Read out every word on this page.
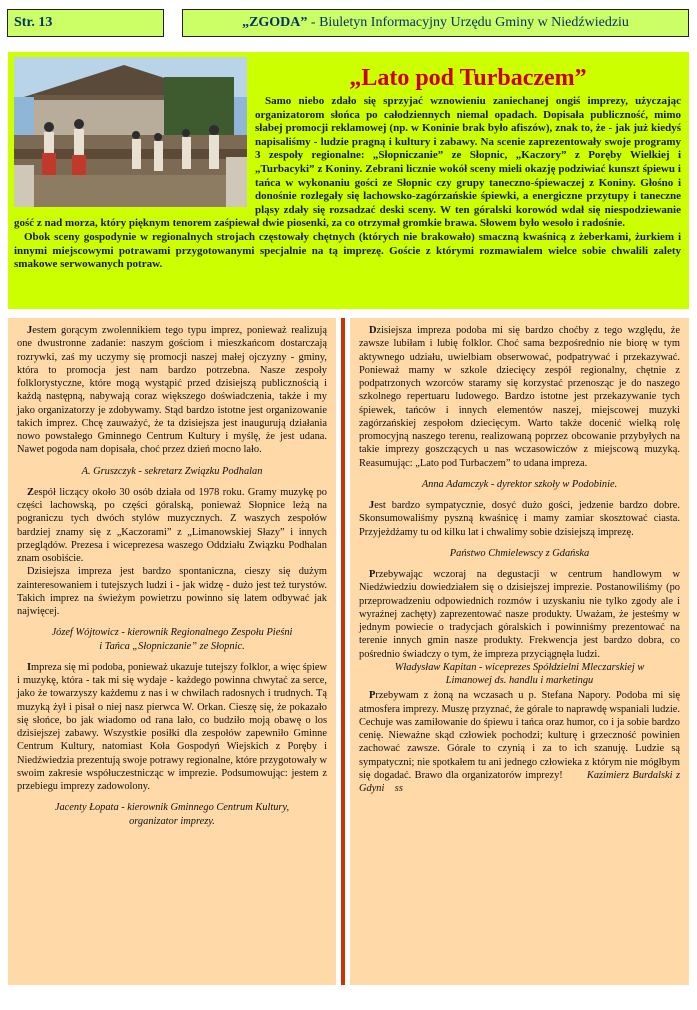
Str. 13	„ZGODA” - Biuletyn Informacyjny Urzędu Gminy w Niedźwiedziu
„Lato pod Turbaczem”

Samo niebo zdało się sprzyjać wznowieniu zaniechanej ongiś imprezy, użyczając organizatorom słońca po całodziennych niemal opadach. Dopisała publiczność, mimo słabej promocji reklamowej (np. w Koninie brak było afiszów), znak to, że - jak już kiedyś napisaliśmy - ludzie pragną i kultury i zabawy. Na scenie zaprezentowały swoje programy 3 zespoły regionalne: „Słopniczanie” ze Słopnic, „Kaczory” z Poręby Wielkiej i „Turbacyki” z Koniny. Zebrani licznie wokół sceny mieli okazję podziwiać kunszt śpiewu i tańca w wykonaniu gości ze Słopnic czy grupy taneczno-śpiewaczej z Koniny. Głośno i donośnie rozlegały się lachowsko-zagórzańskie śpiewki, a energiczne przytupy i taneczne pląsy zdały się rozsadzać deski sceny. W ten góralski korowód wdał się niespodziewanie gość z nad morza, który pięknym tenorem zaśpiewał dwie piosenki, za co otrzymał gromkie brawa. Słowem było wesoło i radośnie.

Obok sceny gospodynie w regionalnych strojach częstowały chętnych (których nie brakowało) smaczną kwaśnicą z żeberkami, żurkiem i innymi miejscowymi potrawami przygotowanymi specjalnie na tą imprezę. Goście z którymi rozmawialem wielce sobie chwalili zalety smakowe serwowanych potraw.

Jestem gorącym zwolennikiem tego typu imprez, ponieważ realizują one dwustronne zadanie: naszym gościom i mieszkańcom dostarczają rozrywki, zaś my uczymy się promocji naszej małej ojczyzny - gminy, która to promocja jest nam bardzo potrzebna. Nasze zespoły folklorystyczne, które mogą wystąpić przed dzisiejszą publicznością i każdą następną, nabywają coraz większego doświadczenia, także i my jako organizatorzy je zdobywamy. Stąd bardzo istotne jest organizowanie takich imprez. Chcę zauważyć, że ta dzisiejsza jest inaugurują działania nowo powstałego Gminnego Centrum Kultury i myślę, że jest udana. Nawet pogoda nam dopisała, choć przez dzień mocno lało.

A. Gruszczyk - sekretarz Związku Podhalan

Zespół liczący około 30 osób działa od 1978 roku. Gramy muzykę po części lachowską, po części góralską, ponieważ Słopnice leżą na pograniczu tych dwóch stylów muzycznych. Z waszych zespołów bardziej znamy się z „Kaczorami” z „Limanowskiej Słazy” i innych przeglądów. Prezesa i wiceprezesa waszego Oddziału Związku Podhalan znam osobiście.

Dzisiejsza impreza jest bardzo spontaniczna, cieszy się dużym zainteresowaniem i tutejszych ludzi i - jak widzę - dużo jest też turystów. Takich imprez na świeżym powietrzu powinno się latem odbywać jak najwięcej.

Józef Wójtowicz - kierownik Regionalnego Zespołu Pieśni
i Tańca „Słopniczanie” ze Słopnic.

Impreza się mi podoba, ponieważ ukazuje tutejszy folklor, a więc śpiew i muzykę, która - tak mi się wydaje - każdego powinna chwytać za serce, jako że towarzyszy każdemu z nas i w chwilach radosnych i trudnych. Tą muzyką żył i pisał o niej nasz pierwca W. Orkan. Cieszę się, że pokazało się słońce, bo jak wiadomo od rana lało, co budziło moją obawę o los dzisiejszej zabawy. Wszystkie posiłki dla zespołów zapewniło Gminne Centrum Kultury, natomiast Koła Gospodyń Wiejskich z Poręby i Niedźwiedzia prezentują swoje potrawy regionalne, które przygotowały w swoim zakresie współuczestnicząc w imprezie. Podsumowując: jestem z przebiegu imprezy zadowolony.

Jacenty Łopata - kierownik Gminnego Centrum Kultury,
organizator imprezy.

Dzisiejsza impreza podoba mi się bardzo choćby z tego względu, że zawsze lubiłam i lubię folklor. Choć sama bezpośrednio nie biorę w tym aktywnego udziału, uwielbiam obserwować, podpatrywać i przekazywać. Ponieważ mamy w szkole dziecięcy zespół regionalny, chętnie z podpatrzonych wzorców staramy się korzystać przenosząc je do naszego szkolnego repertuaru ludowego. Bardzo istotne jest przekazywanie tych śpiewek, tańców i innych elementów naszej, miejscowej muzyki zagórzańskiej zespołom dziecięcym. Warto także docenić wielką rolę promocyjną naszego terenu, realizowaną poprzez obcowanie przybyłych na takie imprezy goszczących u nas wczasowiczów z miejscową muzyką. Reasumując: „Lato pod Turbaczem” to udana impreza.

Anna Adamczyk - dyrektor szkoły w Podobinie.

Jest bardzo sympatycznie, dosyć dużo gości, jedzenie bardzo dobre. Skonsumowaliśmy pyszną kwaśnicę i mamy zamiar skosztować ciasta. Przyjeżdżamy tu od kilku lat i chwalimy sobie dzisiejszą imprezę.

Państwo Chmielewscy z Gdańska

Przebywając wczoraj na degustacji w centrum handlowym w Niedźwiedziu dowiedziałem się o dzisiejszej imprezie. Postanowiliśmy (po przeprowadzeniu odpowiednich rozmów i uzyskaniu nie tylko zgody ale i wyraźnej zachęty) zaprezentować nasze produkty. Uważam, że jesteśmy w jednym powiecie o tradycjach góralskich i powinniśmy prezentować na terenie innych gmin nasze produkty. Frekwencja jest bardzo dobra, co pośrednio świadczy o tym, że impreza przyciągnęła ludzi.

Władysław Kapitan - wiceprezes Spółdzielni Mleczarskiej w
Limanowej ds. handlu i marketingu

Przebywam z żoną na wczasach u p. Stefana Napory. Podoba mi się atmosfera imprezy. Muszę przyznać, że górale to naprawdę wspaniali ludzie. Cechuje was zamiłowanie do śpiewu i tańca oraz humor, co i ja sobie bardzo cenię. Nieważne skąd człowiek pochodzi; kulturę i grzeczność powinien zachować zawsze. Górale to czynią i za to ich szanuję. Ludzie są sympatyczni; nie spotkałem tu ani jednego człowieka z którym nie mógłbym się dogadać. Brawo dla organizatorów imprezy! Kazimierz Burdalski z Gdyni ss
